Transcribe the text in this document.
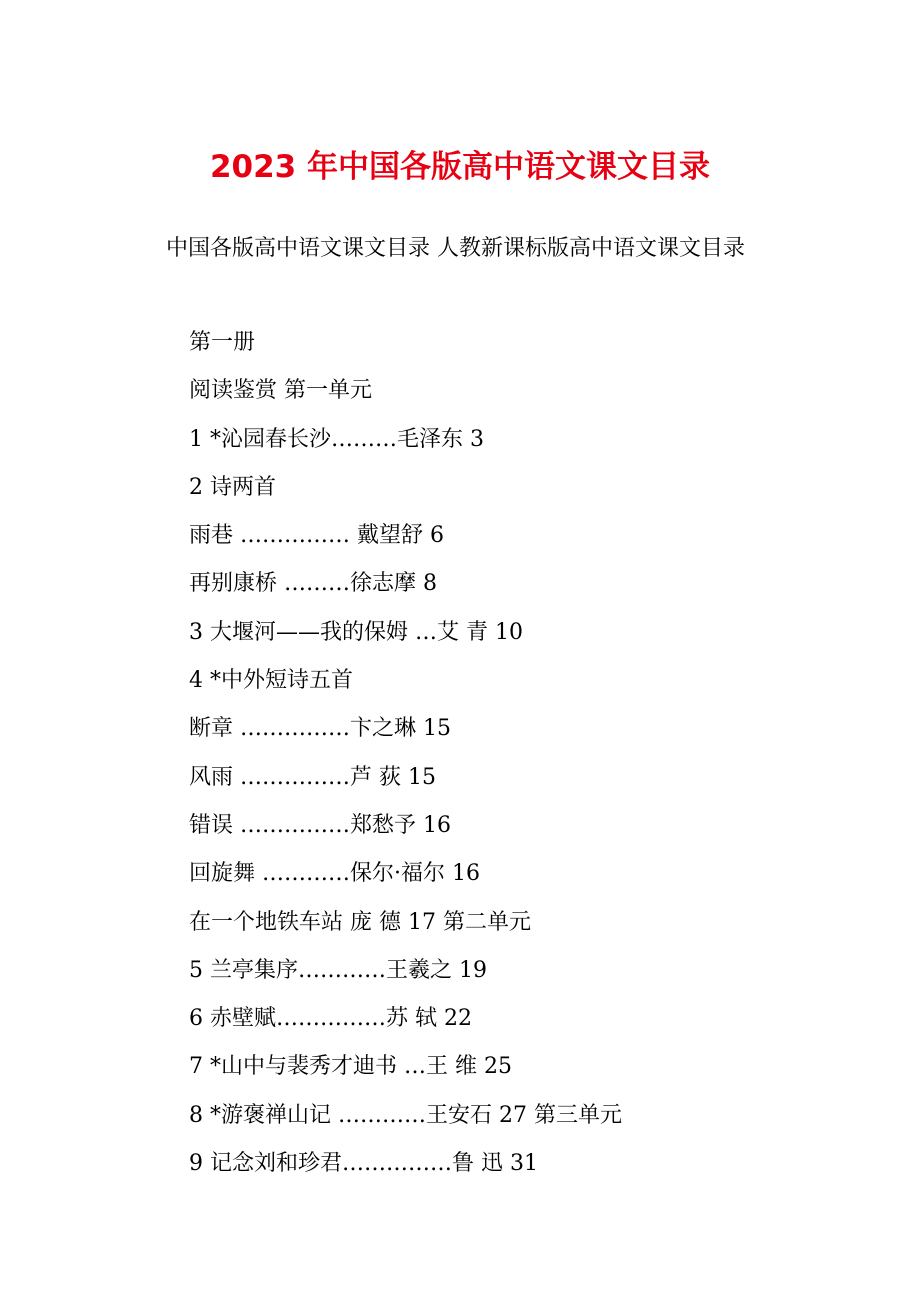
2023 年中国各版高中语文课文目录

中国各版高中语文课文目录 人教新课标版高中语文课文目录

第一册
阅读鉴赏 第一单元
1 *沁园春长沙………毛泽东 3
2 诗两首
雨巷 …………… 戴望舒 6
再别康桥 ………徐志摩 8
3 大堰河——我的保姆 …艾 青 10
4 *中外短诗五首
断章 ……………卞之琳 15
风雨 ……………芦 荻 15
错误 ……………郑愁予 16
回旋舞 …………保尔·福尔 16
在一个地铁车站 庞 德 17 第二单元
5 兰亭集序…………王羲之 19
6 赤壁赋……………苏 轼 22
7 *山中与裴秀才迪书 …王 维 25
8 *游褒禅山记 …………王安石 27 第三单元
9 记念刘和珍君……………鲁 迅 31
